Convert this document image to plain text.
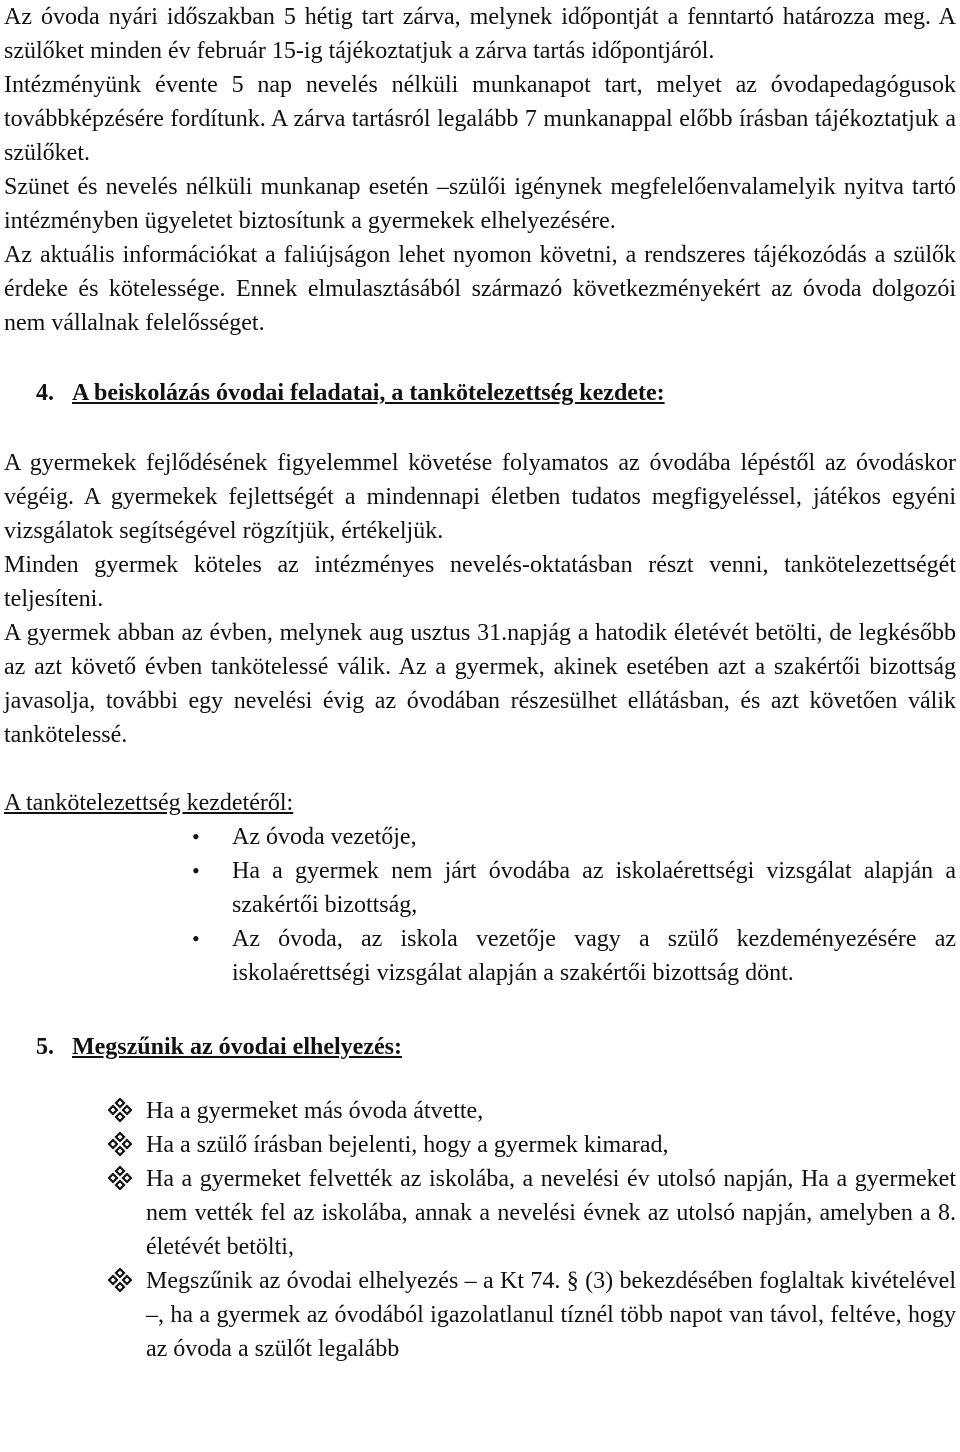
Az óvoda nyári időszakban 5 hétig tart zárva, melynek időpontját a fenntartó határozza meg. A szülőket minden év február 15-ig tájékoztatjuk a zárva tartás időpontjáról.

Intézményünk évente 5 nap nevelés nélküli munkanapot tart, melyet az óvodapedagógusok továbbképzésére fordítunk. A zárva tartásról legalább 7 munkanappal előbb írásban tájékoztatjuk a szülőket.

Szünet és nevelés nélküli munkanap esetén –szülői igénynek megfelelőenvalamelyik nyitva tartó intézményben ügyeletet biztosítunk a gyermekek elhelyezésére.

Az aktuális információkat a faliújságon lehet nyomon követni, a rendszeres tájékozódás a szülők érdeke és kötelessége. Ennek elmulasztásából származó következményekért az óvoda dolgozói nem vállalnak felelősséget.

4. A beiskolázás óvodai feladatai, a tankötelezettség kezdete:

A gyermekek fejlődésének figyelemmel követése folyamatos az óvodába lépéstől az óvodáskor végéig. A gyermekek fejlettségét a mindennapi életben tudatos megfigyeléssel, játékos egyéni vizsgálatok segítségével rögzítjük, értékeljük.

Minden gyermek köteles az intézményes nevelés-oktatásban részt venni, tankötelezettségét teljesíteni.

A gyermek abban az évben, melynek aug usztus 31.napjág a hatodik életévét betölti, de legkésőbb az azt követő évben tankötelessé válik. Az a gyermek, akinek esetében azt a szakértői bizottság javasolja, további egy nevelési évig az óvodában részesülhet ellátásban, és azt követően válik tankötelessé.

A tankötelezettség kezdetéről:

• Az óvoda vezetője,
• Ha a gyermek nem járt óvodába az iskolaérettségi vizsgálat alapján a szakértői bizottság,
• Az óvoda, az iskola vezetője vagy a szülő kezdeményezésére az iskolaérettségi vizsgálat alapján a szakértői bizottság dönt.
5. Megszűnik az óvodai elhelyezés:
Ha a gyermeket más óvoda átvette,
Ha a szülő írásban bejelenti, hogy a gyermek kimarad,
Ha a gyermeket felvették az iskolába, a nevelési év utolsó napján, Ha a gyermeket nem vették fel az iskolába, annak a nevelési évnek az utolsó napján, amelyben a 8. életévét betölti,
Megszűnik az óvodai elhelyezés – a Kt 74. § (3) bekezdésében foglaltak kivételével –, ha a gyermek az óvodából igazolatlanul tíznél több napot van távol, feltéve, hogy az óvoda a szülőt legalább
